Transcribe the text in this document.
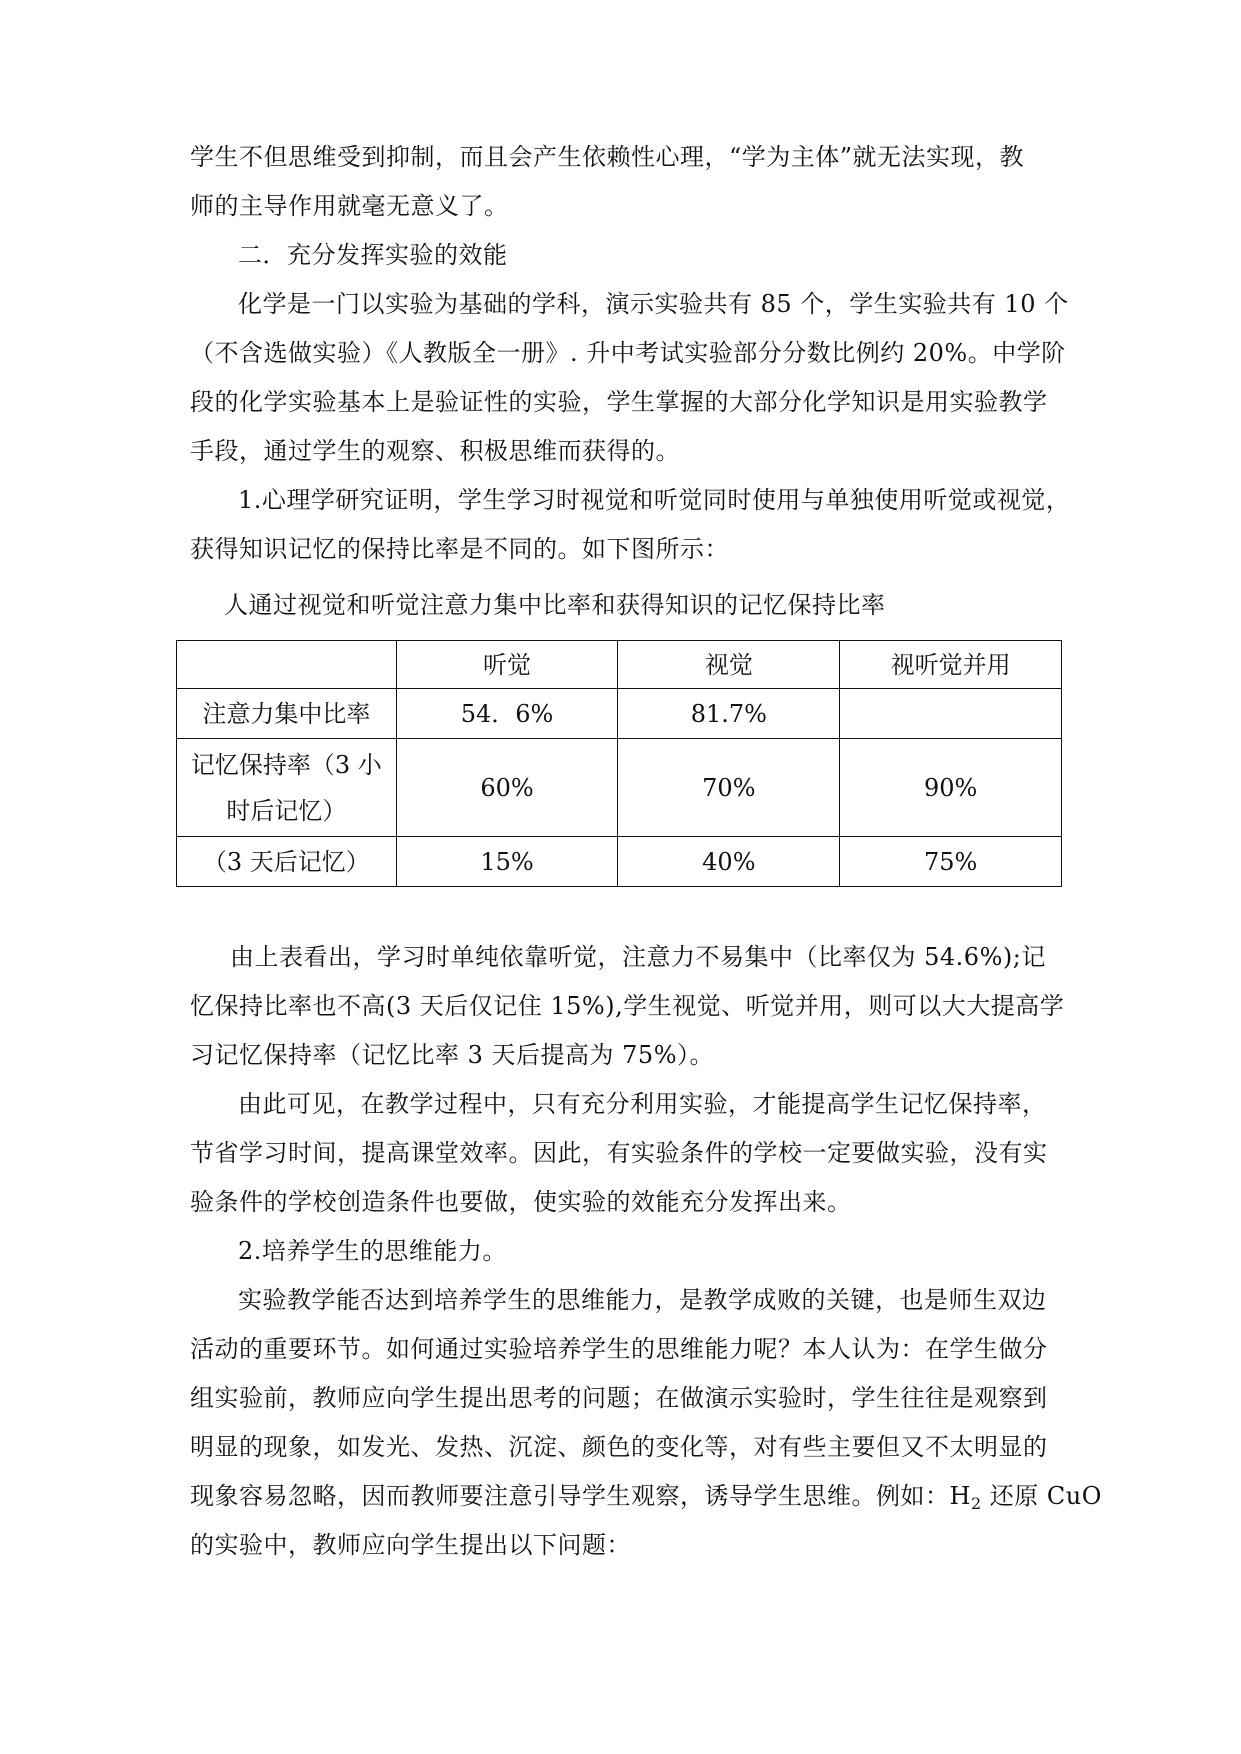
学生不但思维受到抑制，而且会产生依赖性心理，“学为主体”就无法实现，教
师的主导作用就毫无意义了。
二．充分发挥实验的效能
化学是一门以实验为基础的学科，演示实验共有 85 个，学生实验共有 10 个
（不含选做实验）《人教版全一册》. 升中考试实验部分分数比例约 20%。中学阶
段的化学实验基本上是验证性的实验，学生掌握的大部分化学知识是用实验教学
手段，通过学生的观察、积极思维而获得的。
1.心理学研究证明，学生学习时视觉和听觉同时使用与单独使用听觉或视觉，
获得知识记忆的保持比率是不同的。如下图所示：
人通过视觉和听觉注意力集中比率和获得知识的记忆保持比率
	听觉	视觉	视听觉并用
注意力集中比率	54．6%	81.7%	

记忆保持率（3 小
时后记忆）	60%	70%	90%
（3 天后记忆）	15%	40%	75%
由上表看出，学习时单纯依靠听觉，注意力不易集中（比率仅为 54.6%);记
忆保持比率也不高(3 天后仅记住 15%),学生视觉、听觉并用，则可以大大提高学
习记忆保持率（记忆比率 3 天后提高为 75%）。
由此可见，在教学过程中，只有充分利用实验，才能提高学生记忆保持率，
节省学习时间，提高课堂效率。因此，有实验条件的学校一定要做实验，没有实
验条件的学校创造条件也要做，使实验的效能充分发挥出来。
2.培养学生的思维能力。
实验教学能否达到培养学生的思维能力，是教学成败的关键，也是师生双边
活动的重要环节。如何通过实验培养学生的思维能力呢？本人认为：在学生做分
组实验前，教师应向学生提出思考的问题；在做演示实验时，学生往往是观察到
明显的现象，如发光、发热、沉淀、颜色的变化等，对有些主要但又不太明显的
现象容易忽略，因而教师要注意引导学生观察，诱导学生思维。例如：$H_2$ 还原 CuO
的实验中，教师应向学生提出以下问题：
